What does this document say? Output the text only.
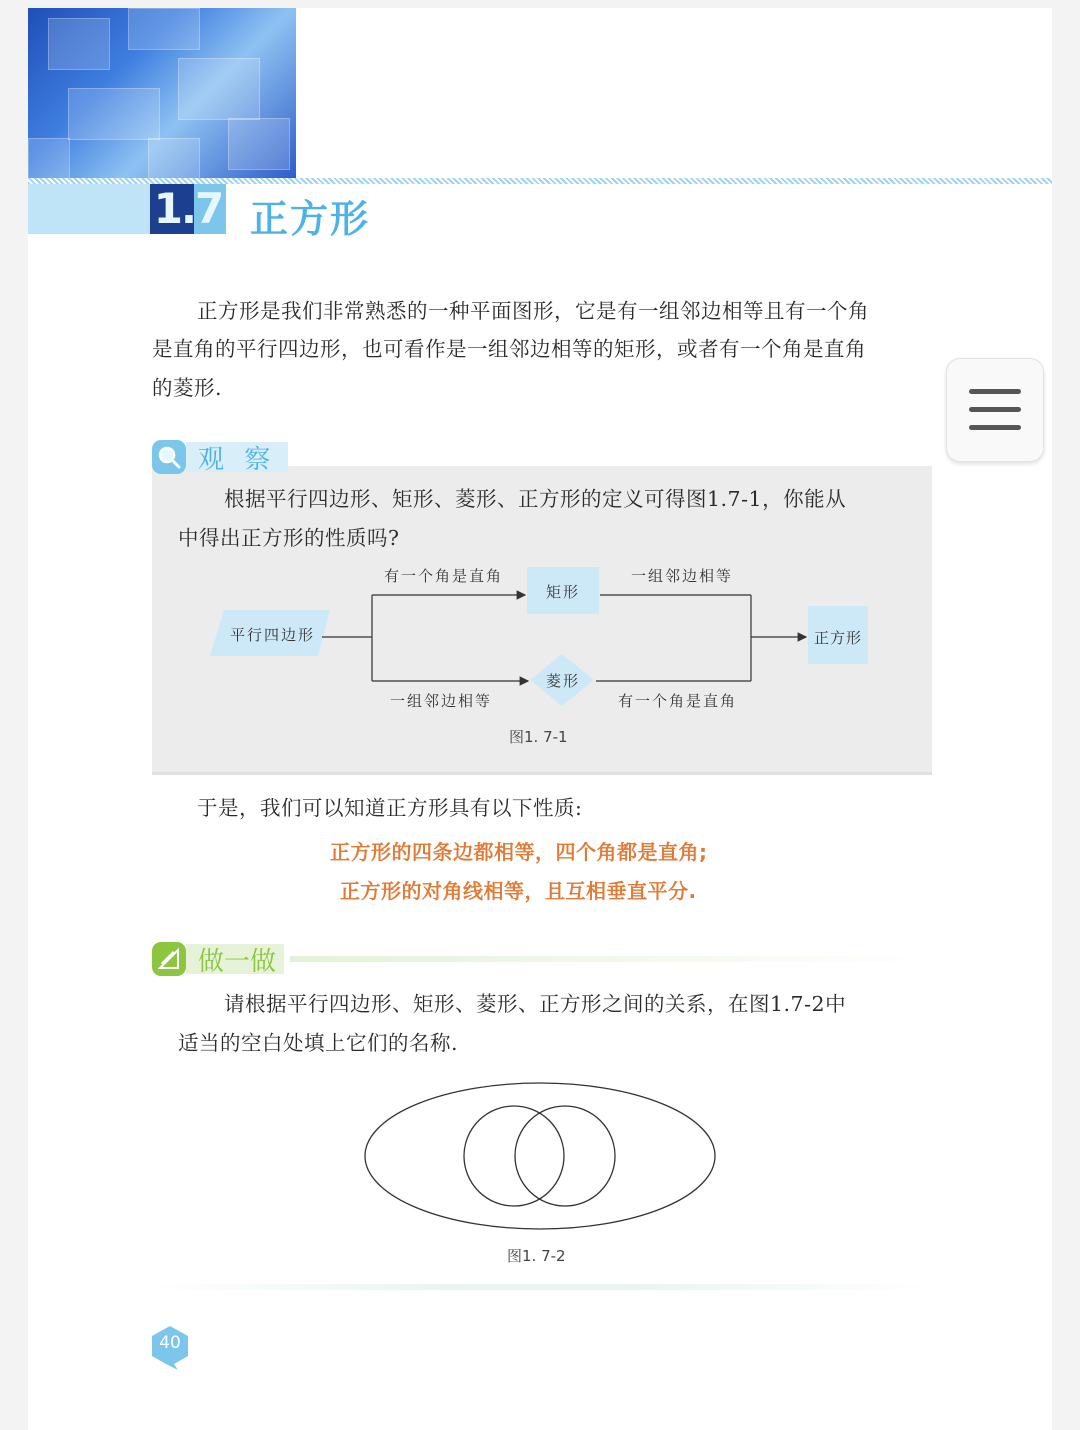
1.7 正方形
正方形是我们非常熟悉的一种平面图形，它是有一组邻边相等且有一个角
是直角的平行四边形，也可看作是一组邻边相等的矩形，或者有一个角是直角
的菱形.
观 察
根据平行四边形、矩形、菱形、正方形的定义可得图1.7-1，你能从
中得出正方形的性质吗?
平行四边形
矩形
菱形
正方形
有一个角是直角	一组邻边相等
一组邻边相等	有一个角是直角
图1. 7-1
于是，我们可以知道正方形具有以下性质:
正方形的四条边都相等，四个角都是直角;
正方形的对角线相等，且互相垂直平分.
做一做
请根据平行四边形、矩形、菱形、正方形之间的关系，在图1.7-2中
适当的空白处填上它们的名称.
图1. 7-2
40
